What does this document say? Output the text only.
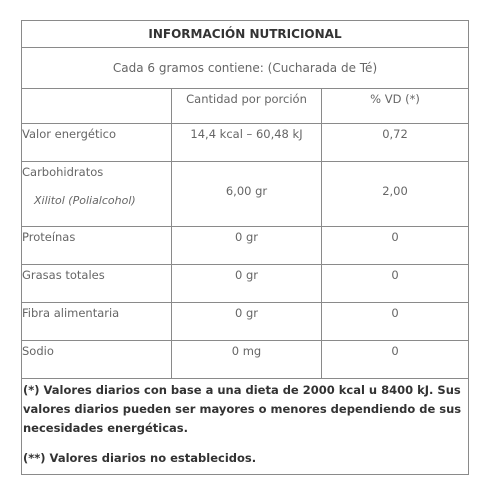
INFORMACIÓN NUTRICIONAL		
Cada 6 gramos contiene: (Cucharada de Té)		
	Cantidad por porción	% VD (*)
Valor energético	14,4 kcal – 60,48 kJ	0,72
Carbohidratos
Xilitol (Polialcohol)	6,00 gr	2,00
Proteínas	0 gr	0
Grasas totales	0 gr	0
Fibra alimentaria	0 gr	0
Sodio	0 mg	0

(*) Valores diarios con base a una dieta de 2000 kcal u 8400 kJ. Sus valores diarios pueden ser mayores o menores dependiendo de sus necesidades energéticas.

(**) Valores diarios no establecidos.		
